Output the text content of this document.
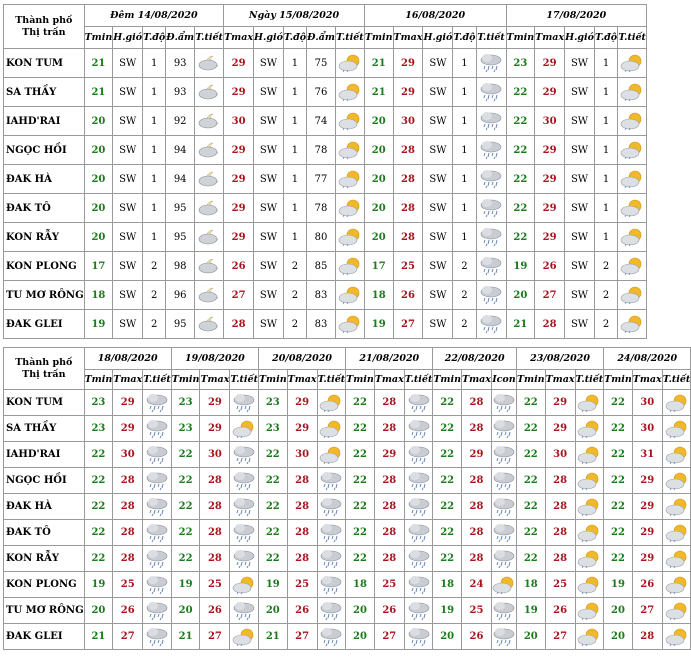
Thành phố
Thị trấn	Đêm 14/08/2020					Ngày 15/08/2020					16/08/2020					17/08/2020				
	Tmin	H.gió	T.độ	Đ.ẩm	T.tiết	Tmax	H.gió	T.độ	Đ.ẩm	T.tiết	Tmin	Tmax	H.gió	T.độ	T.tiết	Tmin	Tmax	H.gió	T.độ	T.tiết
KON TUM	21	SW	1	93		29	SW	1	75		21	29	SW	1		23	29	SW	1	

SA THẦY	21	SW	1	93		29	SW	1	76		21	29	SW	1		22	29	SW	1	

IAHD'RAI	20	SW	1	92		30	SW	1	74		20	30	SW	1		22	30	SW	1	

NGỌC HỒI	20	SW	1	94		29	SW	1	78		20	28	SW	1		22	29	SW	1	

ĐAK HÀ	20	SW	1	94		29	SW	1	77		20	28	SW	1		22	29	SW	1	

ĐAK TÔ	20	SW	1	95		29	SW	1	78		20	28	SW	1		22	29	SW	1	

KON RẪY	20	SW	1	95		29	SW	1	80		20	28	SW	1		22	29	SW	1	

KON PLONG	17	SW	2	98		26	SW	2	85		17	25	SW	2		19	26	SW	2	

TU MƠ RÔNG	18	SW	2	96		27	SW	2	83		18	26	SW	2		20	27	SW	2	

ĐAK GLEI	19	SW	2	95		28	SW	2	83		19	27	SW	2		21	28	SW	2	
Thành phố
Thị trấn	18/08/2020			19/08/2020			20/08/2020			21/08/2020			22/08/2020			23/08/2020			24/08/2020		
	Tmin	Tmax	T.tiết	Tmin	Tmax	T.tiết	Tmin	Tmax	T.tiết	Tmin	Tmax	T.tiết	Tmin	Tmax	Icon	Tmin	Tmax	T.tiết	Tmin	Tmax	T.tiết
KON TUM	23	29		23	29		23	29		22	28		22	28		22	29		22	30	

SA THẦY	23	29		23	29		23	29		22	28		22	28		22	29		22	30	

IAHD'RAI	22	30		22	30		22	30		22	29		22	29		22	30		22	31	

NGỌC HỒI	22	28		22	28		22	28		22	28		22	28		22	28		22	29	

ĐAK HÀ	22	28		22	28		22	28		22	28		22	28		22	28		22	29	

ĐAK TÔ	22	28		22	28		22	28		22	28		22	28		22	28		22	29	

KON RẪY	22	28		22	28		22	28		22	28		22	28		22	28		22	29	

KON PLONG	19	25		19	25		19	25		18	25		18	24		18	25		19	26	

TU MƠ RÔNG	20	26		20	26		20	26		20	26		19	25		19	26		20	27	

ĐAK GLEI	21	27		21	27		21	27		20	27		20	26		20	27		20	28	
